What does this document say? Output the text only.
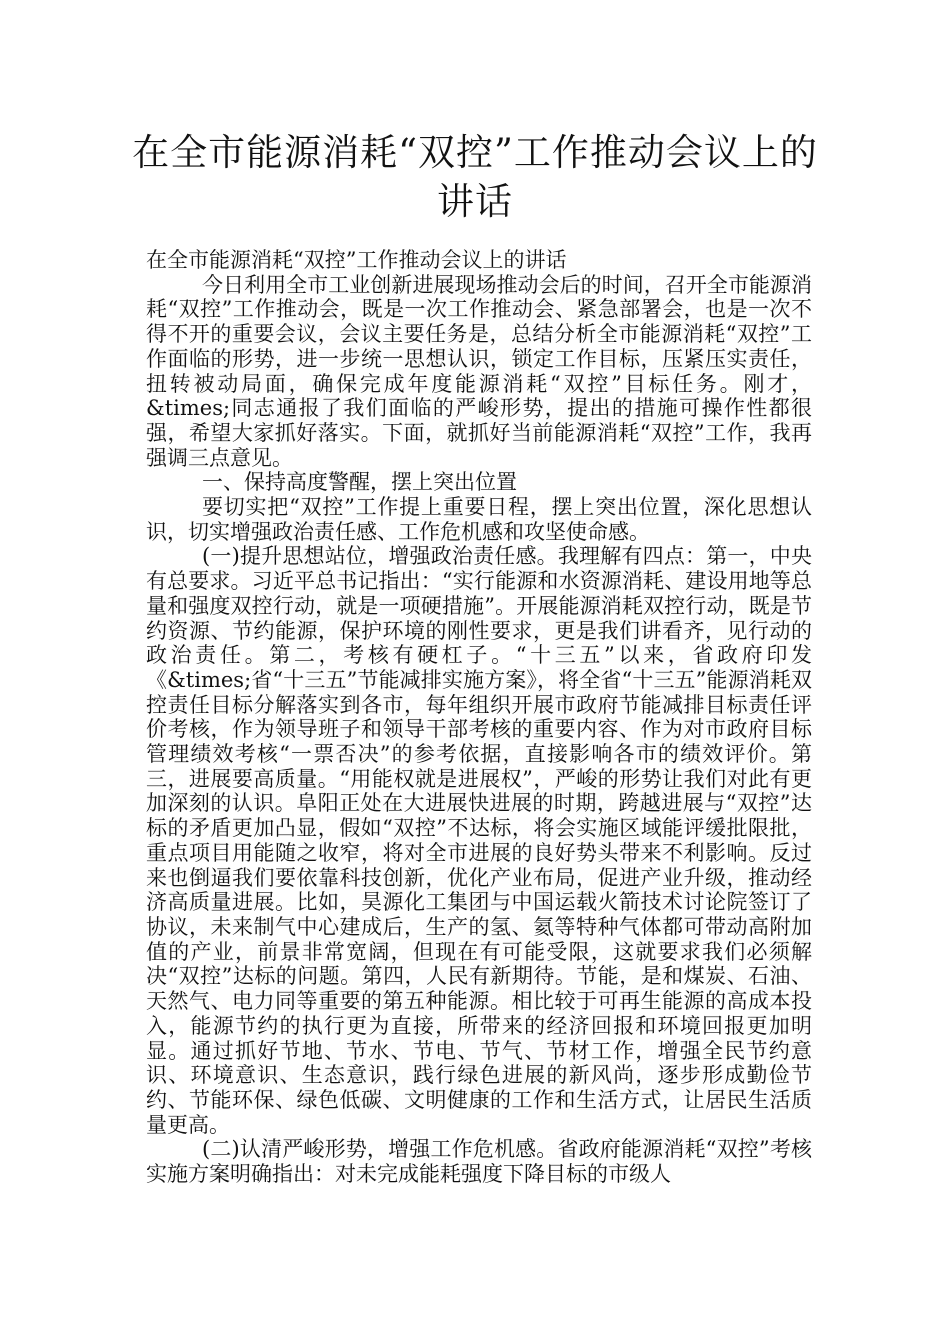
在全市能源消耗“双控”工作推动会议上的讲话

在全市能源消耗“双控”工作推动会议上的讲话

今日利用全市工业创新进展现场推动会后的时间，召开全市能源消耗“双控”工作推动会，既是一次工作推动会、紧急部署会，也是一次不得不开的重要会议，会议主要任务是，总结分析全市能源消耗“双控”工作面临的形势，进一步统一思想认识，锁定工作目标，压紧压实责任，扭转被动局面，确保完成年度能源消耗“双控”目标任务。刚才，&times;同志通报了我们面临的严峻形势，提出的措施可操作性都很强，希望大家抓好落实。下面，就抓好当前能源消耗“双控”工作，我再强调三点意见。

一、保持高度警醒，摆上突出位置

要切实把“双控”工作提上重要日程，摆上突出位置，深化思想认识，切实增强政治责任感、工作危机感和攻坚使命感。

(一)提升思想站位，增强政治责任感。我理解有四点：第一，中央有总要求。习近平总书记指出：“实行能源和水资源消耗、建设用地等总量和强度双控行动，就是一项硬措施”。开展能源消耗双控行动，既是节约资源、节约能源，保护环境的刚性要求，更是我们讲看齐，见行动的政治责任。第二，考核有硬杠子。“十三五”以来，省政府印发《&times;省“十三五”节能减排实施方案》，将全省“十三五”能源消耗双控责任目标分解落实到各市，每年组织开展市政府节能减排目标责任评价考核，作为领导班子和领导干部考核的重要内容、作为对市政府目标管理绩效考核“一票否决”的参考依据，直接影响各市的绩效评价。第三，进展要高质量。“用能权就是进展权”，严峻的形势让我们对此有更加深刻的认识。阜阳正处在大进展快进展的时期，跨越进展与“双控”达标的矛盾更加凸显，假如“双控”不达标，将会实施区域能评缓批限批，重点项目用能随之收窄，将对全市进展的良好势头带来不利影响。反过来也倒逼我们要依靠科技创新，优化产业布局，促进产业升级，推动经济高质量进展。比如，昊源化工集团与中国运载火箭技术讨论院签订了协议，未来制气中心建成后，生产的氢、氦等特种气体都可带动高附加值的产业，前景非常宽阔，但现在有可能受限，这就要求我们必须解决“双控”达标的问题。第四，人民有新期待。节能，是和煤炭、石油、天然气、电力同等重要的第五种能源。相比较于可再生能源的高成本投入，能源节约的执行更为直接，所带来的经济回报和环境回报更加明显。通过抓好节地、节水、节电、节气、节材工作，增强全民节约意识、环境意识、生态意识，践行绿色进展的新风尚，逐步形成勤俭节约、节能环保、绿色低碳、文明健康的工作和生活方式，让居民生活质量更高。

(二)认清严峻形势，增强工作危机感。省政府能源消耗“双控”考核实施方案明确指出：对未完成能耗强度下降目标的市级人
